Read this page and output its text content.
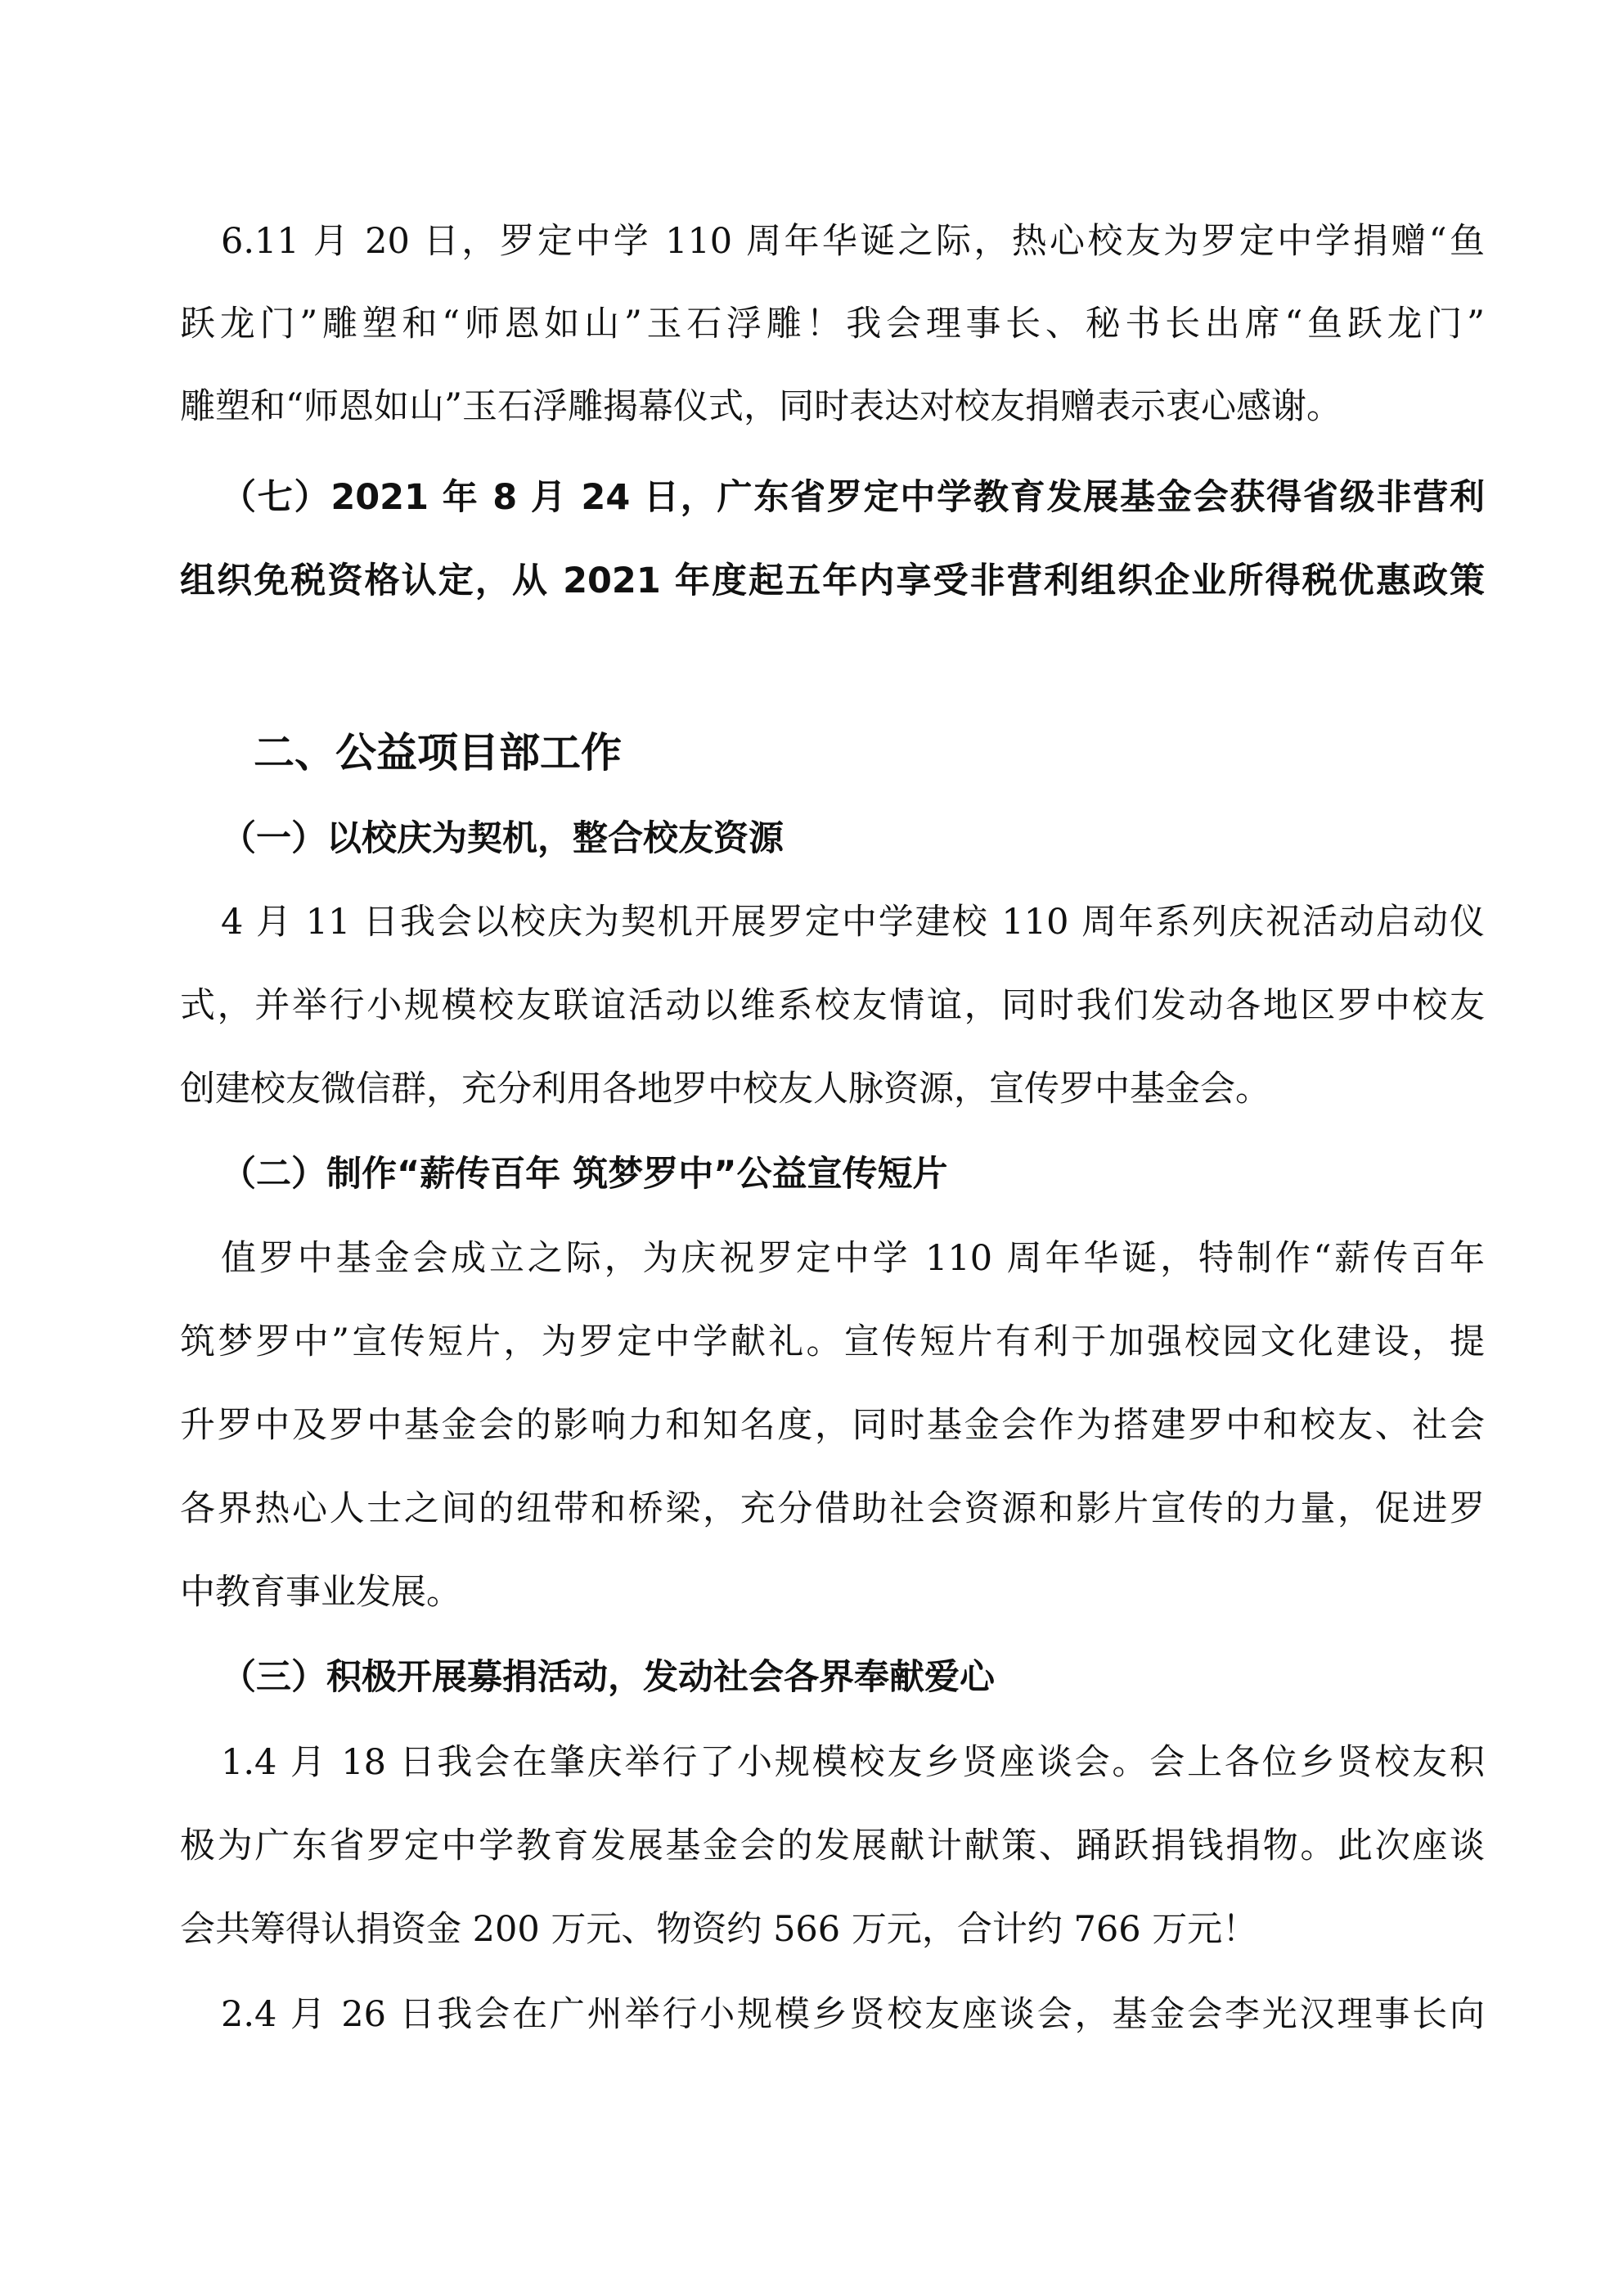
6.11 月 20 日，罗定中学 110 周年华诞之际，热心校友为罗定中学捐赠“鱼
跃龙门”雕塑和“师恩如山”玉石浮雕！我会理事长、秘书长出席“鱼跃龙门”
雕塑和“师恩如山”玉石浮雕揭幕仪式，同时表达对校友捐赠表示衷心感谢。
（七）2021 年 8 月 24 日，广东省罗定中学教育发展基金会获得省级非营利
组织免税资格认定，从 2021 年度起五年内享受非营利组织企业所得税优惠政策
二、公益项目部工作
（一）以校庆为契机，整合校友资源
4 月 11 日我会以校庆为契机开展罗定中学建校 110 周年系列庆祝活动启动仪
式，并举行小规模校友联谊活动以维系校友情谊，同时我们发动各地区罗中校友
创建校友微信群，充分利用各地罗中校友人脉资源，宣传罗中基金会。
（二）制作“薪传百年 筑梦罗中”公益宣传短片
值罗中基金会成立之际，为庆祝罗定中学 110 周年华诞，特制作“薪传百年
筑梦罗中”宣传短片，为罗定中学献礼。宣传短片有利于加强校园文化建设，提
升罗中及罗中基金会的影响力和知名度，同时基金会作为搭建罗中和校友、社会
各界热心人士之间的纽带和桥梁，充分借助社会资源和影片宣传的力量，促进罗
中教育事业发展。
（三）积极开展募捐活动，发动社会各界奉献爱心
1.4 月 18 日我会在肇庆举行了小规模校友乡贤座谈会。会上各位乡贤校友积
极为广东省罗定中学教育发展基金会的发展献计献策、踊跃捐钱捐物。此次座谈
会共筹得认捐资金 200 万元、物资约 566 万元，合计约 766 万元！
2.4 月 26 日我会在广州举行小规模乡贤校友座谈会，基金会李光汉理事长向
